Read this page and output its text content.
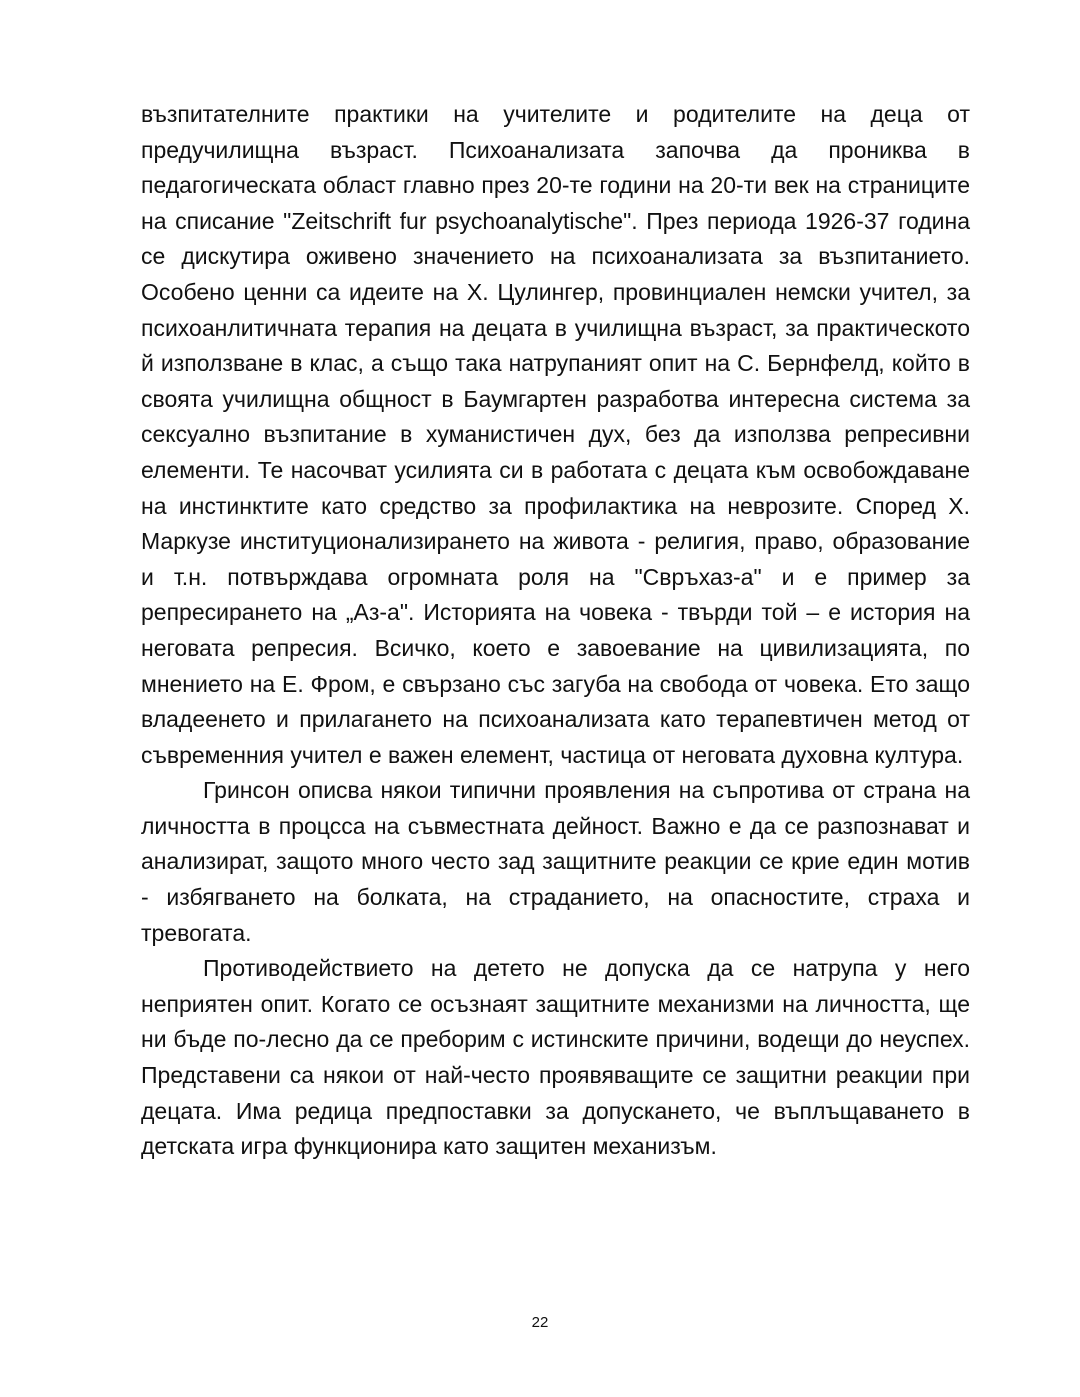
възпитателните практики на учителите и родителите на деца от предучилищна възраст. Психоанализата започва да прониква в педагогическата област главно през 20-те години на 20-ти век на страниците на списание "Zeitschrift fur psychoanalytische". През периода 1926-37 година се дискутира оживено значението на психоанализата за възпитанието. Особено ценни са идеите на Х. Цулингер, провинциален немски учител, за психоанлитичната терапия на децата в училищна възраст, за практическото й използване в клас, а също така натрупаният опит на С. Бернфелд, който в своята училищна общност в Баумгартен разработва интересна система за сексуално възпитание в хуманистичен дух, без да използва репресивни елементи. Те насочват усилията си в работата с децата към освобождаване на инстинктите като средство за профилактика на неврозите. Според Х. Маркузе институционализирането на живота - религия, право, образование и т.н. потвърждава огромната роля на "Свръхаз-а" и е пример за репресирането на „Аз-а". Историята на човека - твърди той – е история на неговата репресия. Всичко, което е завоевание на цивилизацията, по мнението на Е. Фром, е свързано със загуба на свобода от човека. Ето защо владеенето и прилагането на психоанализата като терапевтичен метод от съвременния учител е важен елемент, частица от неговата духовна култура.

Гринсон описва някои типични проявления на съпротива от страна на личността в процсса на съвместната дейност. Важно е да се разпознават и анализират, защото много често зад защитните реакции се крие един мотив - избягването на болката, на страданието, на опасностите, страха и тревогата.

Противодействието на детето не допуска да се натрупа у него неприятен опит. Когато се осъзнаят защитните механизми на личността, ще ни бъде по-лесно да се преборим с истинските причини, водещи до неуспех. Представени са някои от най-често проявяващите се защитни реакции при децата. Има редица предпоставки за допускането, че въплъщаването в детската игра функционира като защитен механизъм.

22
